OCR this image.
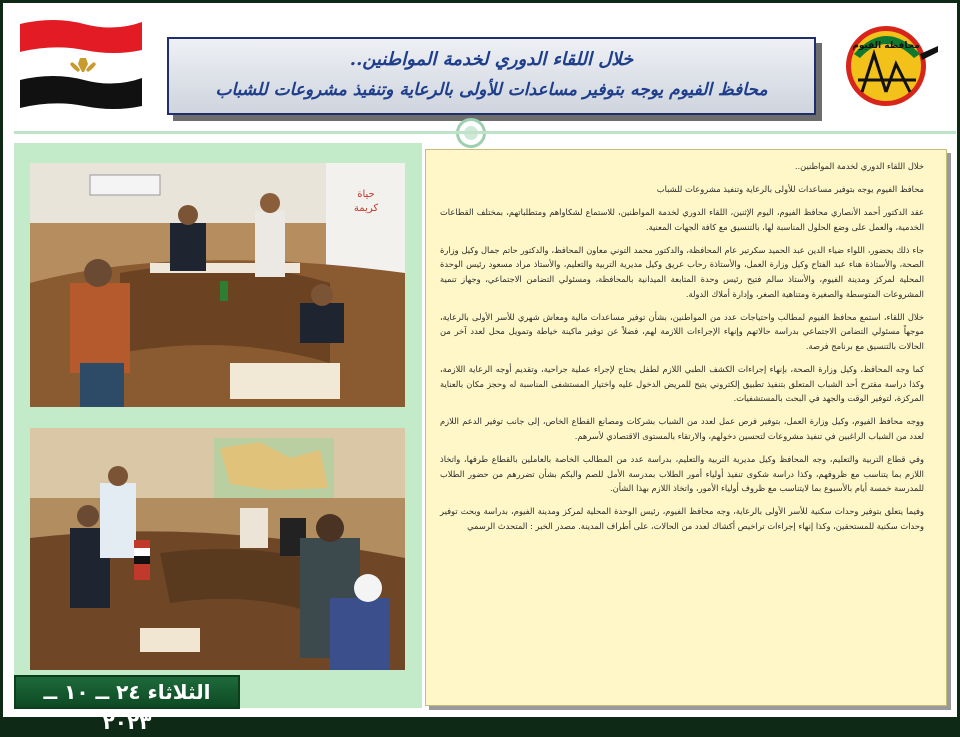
محافظة الفيوم
خلال اللقاء الدوري لخدمة المواطنين..
محافظ الفيوم يوجه بتوفير مساعدات للأولى بالرعاية وتنفيذ مشروعات للشباب
حياة
كريمة

خلال اللقاء الدوري لخدمة المواطنين..

محافظ الفيوم يوجه بتوفير مساعدات للأولى بالرعاية وتنفيذ مشروعات للشباب

عقد الدكتور أحمد الأنصاري محافظ الفيوم، اليوم الإثنين، اللقاء الدوري لخدمة المواطنين، للاستماع لشكاواهم ومتطلباتهم، بمختلف القطاعات الخدمية، والعمل على وضع الحلول المناسبة لها، بالتنسيق مع كافة الجهات المعنية.

جاء ذلك بحضور، اللواء ضياء الدين عبد الحميد سكرتير عام المحافظة، والدكتور محمد التوني معاون المحافظ، والدكتور حاتم جمال وكيل وزارة الصحة، والأستاذة هناء عبد الفتاح وكيل وزارة العمل، والأستاذة رحاب عريق وكيل مديرية التربية والتعليم، والأستاذ مراد مسعود رئيس الوحدة المحلية لمركز ومدينة الفيوم، والأستاذ سالم فتيح رئيس وحدة المتابعة الميدانية بالمحافظة، ومسئولي التضامن الاجتماعي، وجهاز تنمية المشروعات المتوسطة والصغيرة ومتناهية الصغر، وإدارة أملاك الدولة.

خلال اللقاء، استمع محافظ الفيوم لمطالب واحتياجات عدد من المواطنين، بشأن توفير مساعدات مالية ومعاش شهري للأسر الأولى بالرعاية، موجهاً مسئولي التضامن الاجتماعي بدراسة حالاتهم وإنهاء الإجراءات اللازمة لهم، فضلاً عن توفير ماكينة خياطة وتمويل محل لعدد آخر من الحالات بالتنسيق مع برنامج فرصة.

كما وجه المحافظ، وكيل وزارة الصحة، بإنهاء إجراءات الكشف الطبي اللازم لطفل يحتاج لإجراء عملية جراحية، وتقديم أوجه الرعاية اللازمة، وكذا دراسة مقترح أحد الشباب المتعلق بتنفيذ تطبيق إلكتروني يتيح للمريض الدخول عليه واختيار المستشفى المناسبة له وحجز مكان بالعناية المركزة، لتوفير الوقت والجهد في البحث بالمستشفيات.

ووجه محافظ الفيوم، وكيل وزارة العمل، بتوفير فرص عمل لعدد من الشباب بشركات ومصانع القطاع الخاص، إلى جانب توفير الدعم اللازم لعدد من الشباب الراغبين في تنفيذ مشروعات لتحسين دخولهم، والارتقاء بالمستوى الاقتصادي لأسرهم.

وفي قطاع التربية والتعليم، وجه المحافظ وكيل مديرية التربية والتعليم، بدراسة عدد من المطالب الخاصة بالعاملين بالقطاع طرفها، واتخاذ اللازم بما يتناسب مع ظروفهم، وكذا دراسة شكوى تنفيذ أولياء أمور الطلاب بمدرسة الأمل للصم والبكم بشأن تضررهم من حضور الطلاب للمدرسة خمسة أيام بالأسبوع بما لايتناسب مع ظروف أولياء الأمور، واتخاذ اللازم بهذا الشأن.

وفيما يتعلق بتوفير وحدات سكنية للأسر الأولى بالرعاية، وجه محافظ الفيوم، رئيس الوحدة المحلية لمركز ومدينة الفيوم، بدراسة وبحث توفير وحدات سكنية للمستحقين، وكذا إنهاء إجراءات تراخيص أكشاك لعدد من الحالات، على أطراف المدينة. مصدر الخبر : المتحدث الرسمي

الثلاثاء ٢٤ ــ ١٠ ــ ٢٠٢٣
